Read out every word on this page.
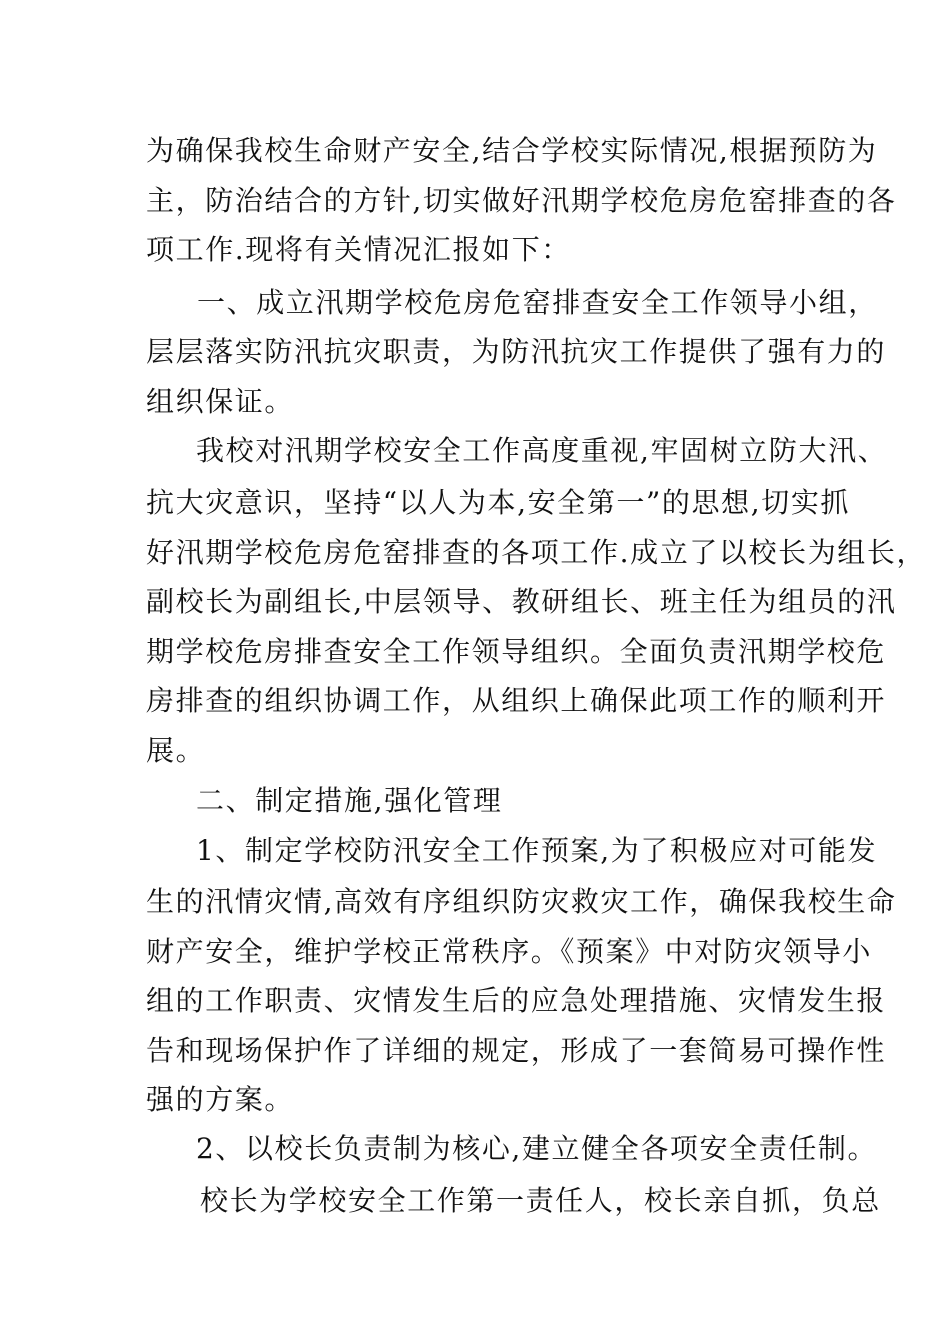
为确保我校生命财产安全,结合学校实际情况,根据预防为
主，防治结合的方针,切实做好汛期学校危房危窑排查的各
项工作.现将有关情况汇报如下：
一、成立汛期学校危房危窑排查安全工作领导小组，
层层落实防汛抗灾职责，为防汛抗灾工作提供了强有力的
组织保证。
我校对汛期学校安全工作高度重视,牢固树立防大汛、
抗大灾意识，坚持“以人为本,安全第一”的思想,切实抓
好汛期学校危房危窑排查的各项工作.成立了以校长为组长，
副校长为副组长,中层领导、教研组长、班主任为组员的汛
期学校危房排查安全工作领导组织。全面负责汛期学校危
房排查的组织协调工作，从组织上确保此项工作的顺利开
展。
二、制定措施,强化管理
1、制定学校防汛安全工作预案,为了积极应对可能发
生的汛情灾情,高效有序组织防灾救灾工作，确保我校生命
财产安全，维护学校正常秩序。《预案》中对防灾领导小
组的工作职责、灾情发生后的应急处理措施、灾情发生报
告和现场保护作了详细的规定，形成了一套简易可操作性
强的方案。
2、以校长负责制为核心,建立健全各项安全责任制。
校长为学校安全工作第一责任人，校长亲自抓，负总
